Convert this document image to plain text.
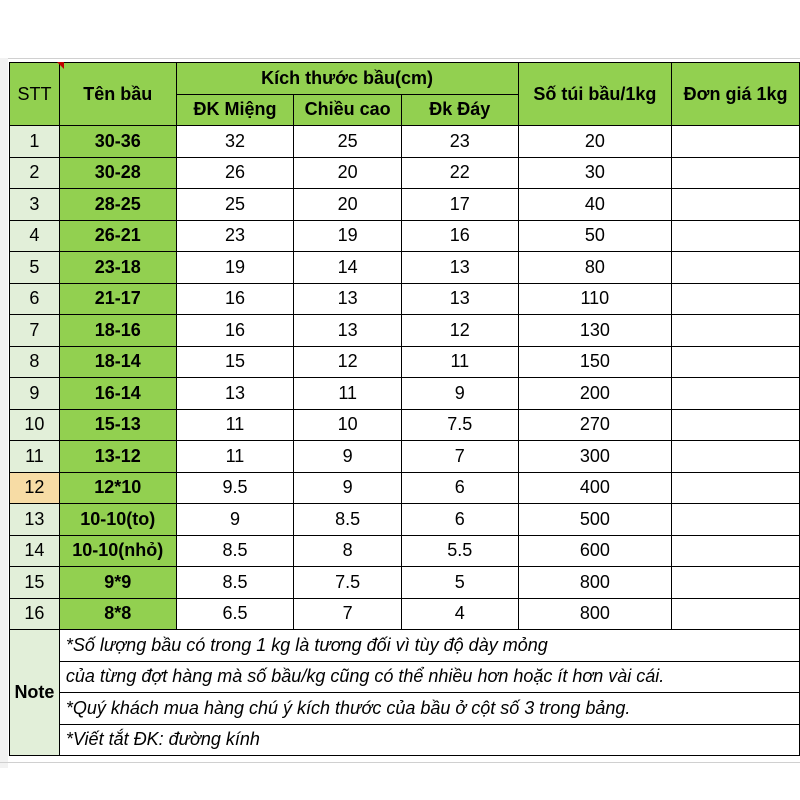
STT	Tên bầu	Kích thước bầu(cm)			Số túi bầu/1kg	Đơn giá 1kg
		ĐK Miệng	Chiều cao	Đk Đáy		
1	30-36	32	25	23	20	
2	30-28	26	20	22	30	
3	28-25	25	20	17	40	
4	26-21	23	19	16	50	
5	23-18	19	14	13	80	
6	21-17	16	13	13	110	
7	18-16	16	13	12	130	
8	18-14	15	12	11	150	
9	16-14	13	11	9	200	
10	15-13	11	10	7.5	270	
11	13-12	11	9	7	300	
12	12*10	9.5	9	6	400	
13	10-10(to)	9	8.5	6	500	
14	10-10(nhỏ)	8.5	8	5.5	600	
15	9*9	8.5	7.5	5	800	
16	8*8	6.5	7	4	800	
Note	*Số lượng bầu có trong 1 kg là tương đối vì tùy độ dày mỏng					
	của từng đợt hàng mà số bầu/kg cũng có thể nhiều hơn hoặc ít hơn vài cái.					
	*Quý khách mua hàng chú ý kích thước của bầu ở cột số 3 trong bảng.					
	*Viết tắt ĐK: đường kính					
